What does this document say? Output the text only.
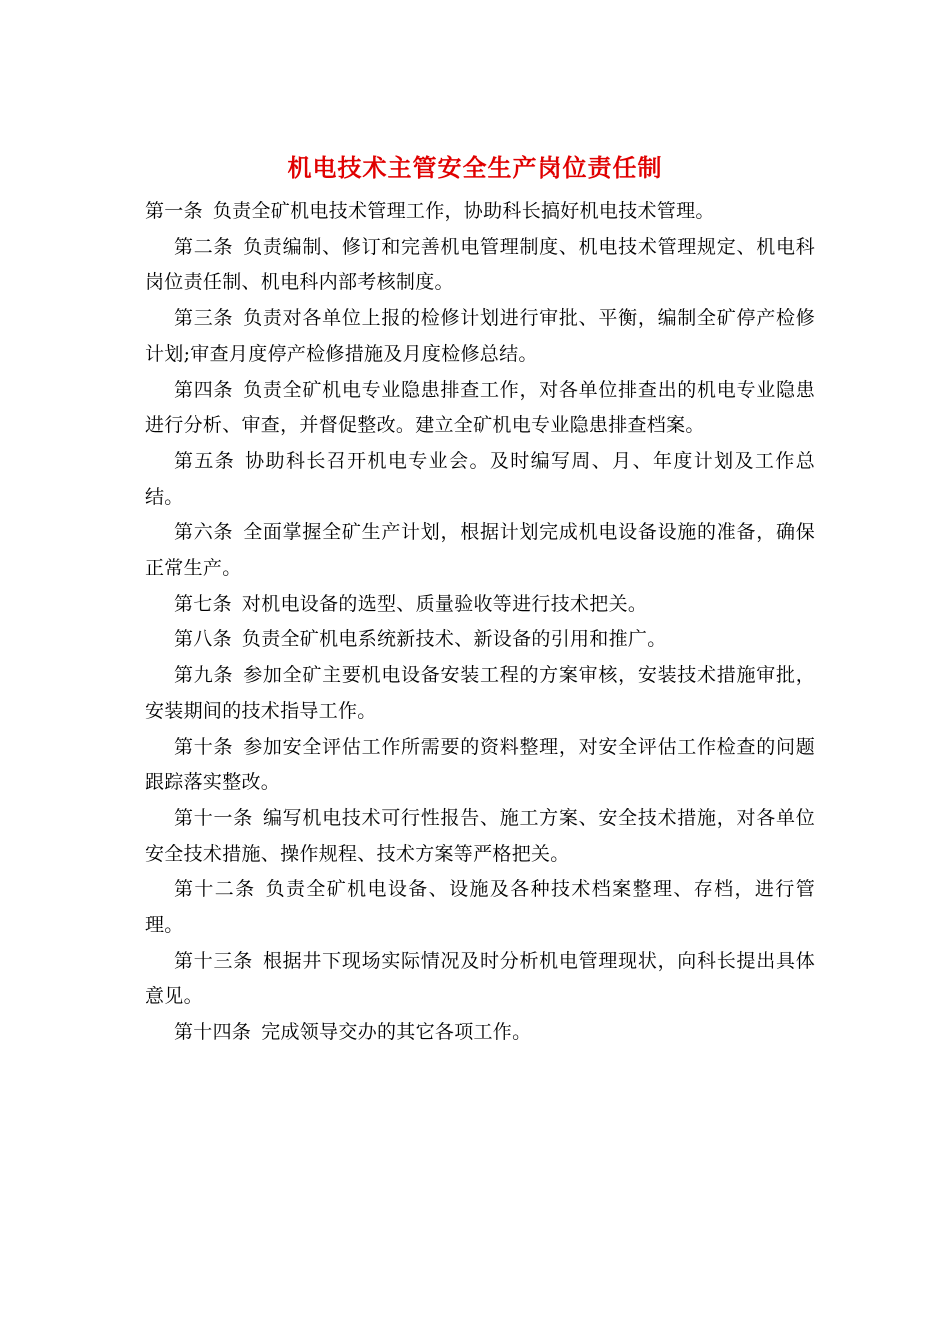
机电技术主管安全生产岗位责任制

第一条 负责全矿机电技术管理工作，协助科长搞好机电技术管理。

第二条 负责编制、修订和完善机电管理制度、机电技术管理规定、机电科岗位责任制、机电科内部考核制度。

第三条 负责对各单位上报的检修计划进行审批、平衡，编制全矿停产检修计划;审查月度停产检修措施及月度检修总结。

第四条 负责全矿机电专业隐患排查工作，对各单位排查出的机电专业隐患进行分析、审查，并督促整改。建立全矿机电专业隐患排查档案。

第五条 协助科长召开机电专业会。及时编写周、月、年度计划及工作总结。

第六条 全面掌握全矿生产计划，根据计划完成机电设备设施的准备，确保正常生产。

第七条 对机电设备的选型、质量验收等进行技术把关。

第八条 负责全矿机电系统新技术、新设备的引用和推广。

第九条 参加全矿主要机电设备安装工程的方案审核，安装技术措施审批，安装期间的技术指导工作。

第十条 参加安全评估工作所需要的资料整理，对安全评估工作检查的问题跟踪落实整改。

第十一条 编写机电技术可行性报告、施工方案、安全技术措施，对各单位安全技术措施、操作规程、技术方案等严格把关。

第十二条 负责全矿机电设备、设施及各种技术档案整理、存档，进行管理。

第十三条 根据井下现场实际情况及时分析机电管理现状，向科长提出具体意见。

第十四条 完成领导交办的其它各项工作。
